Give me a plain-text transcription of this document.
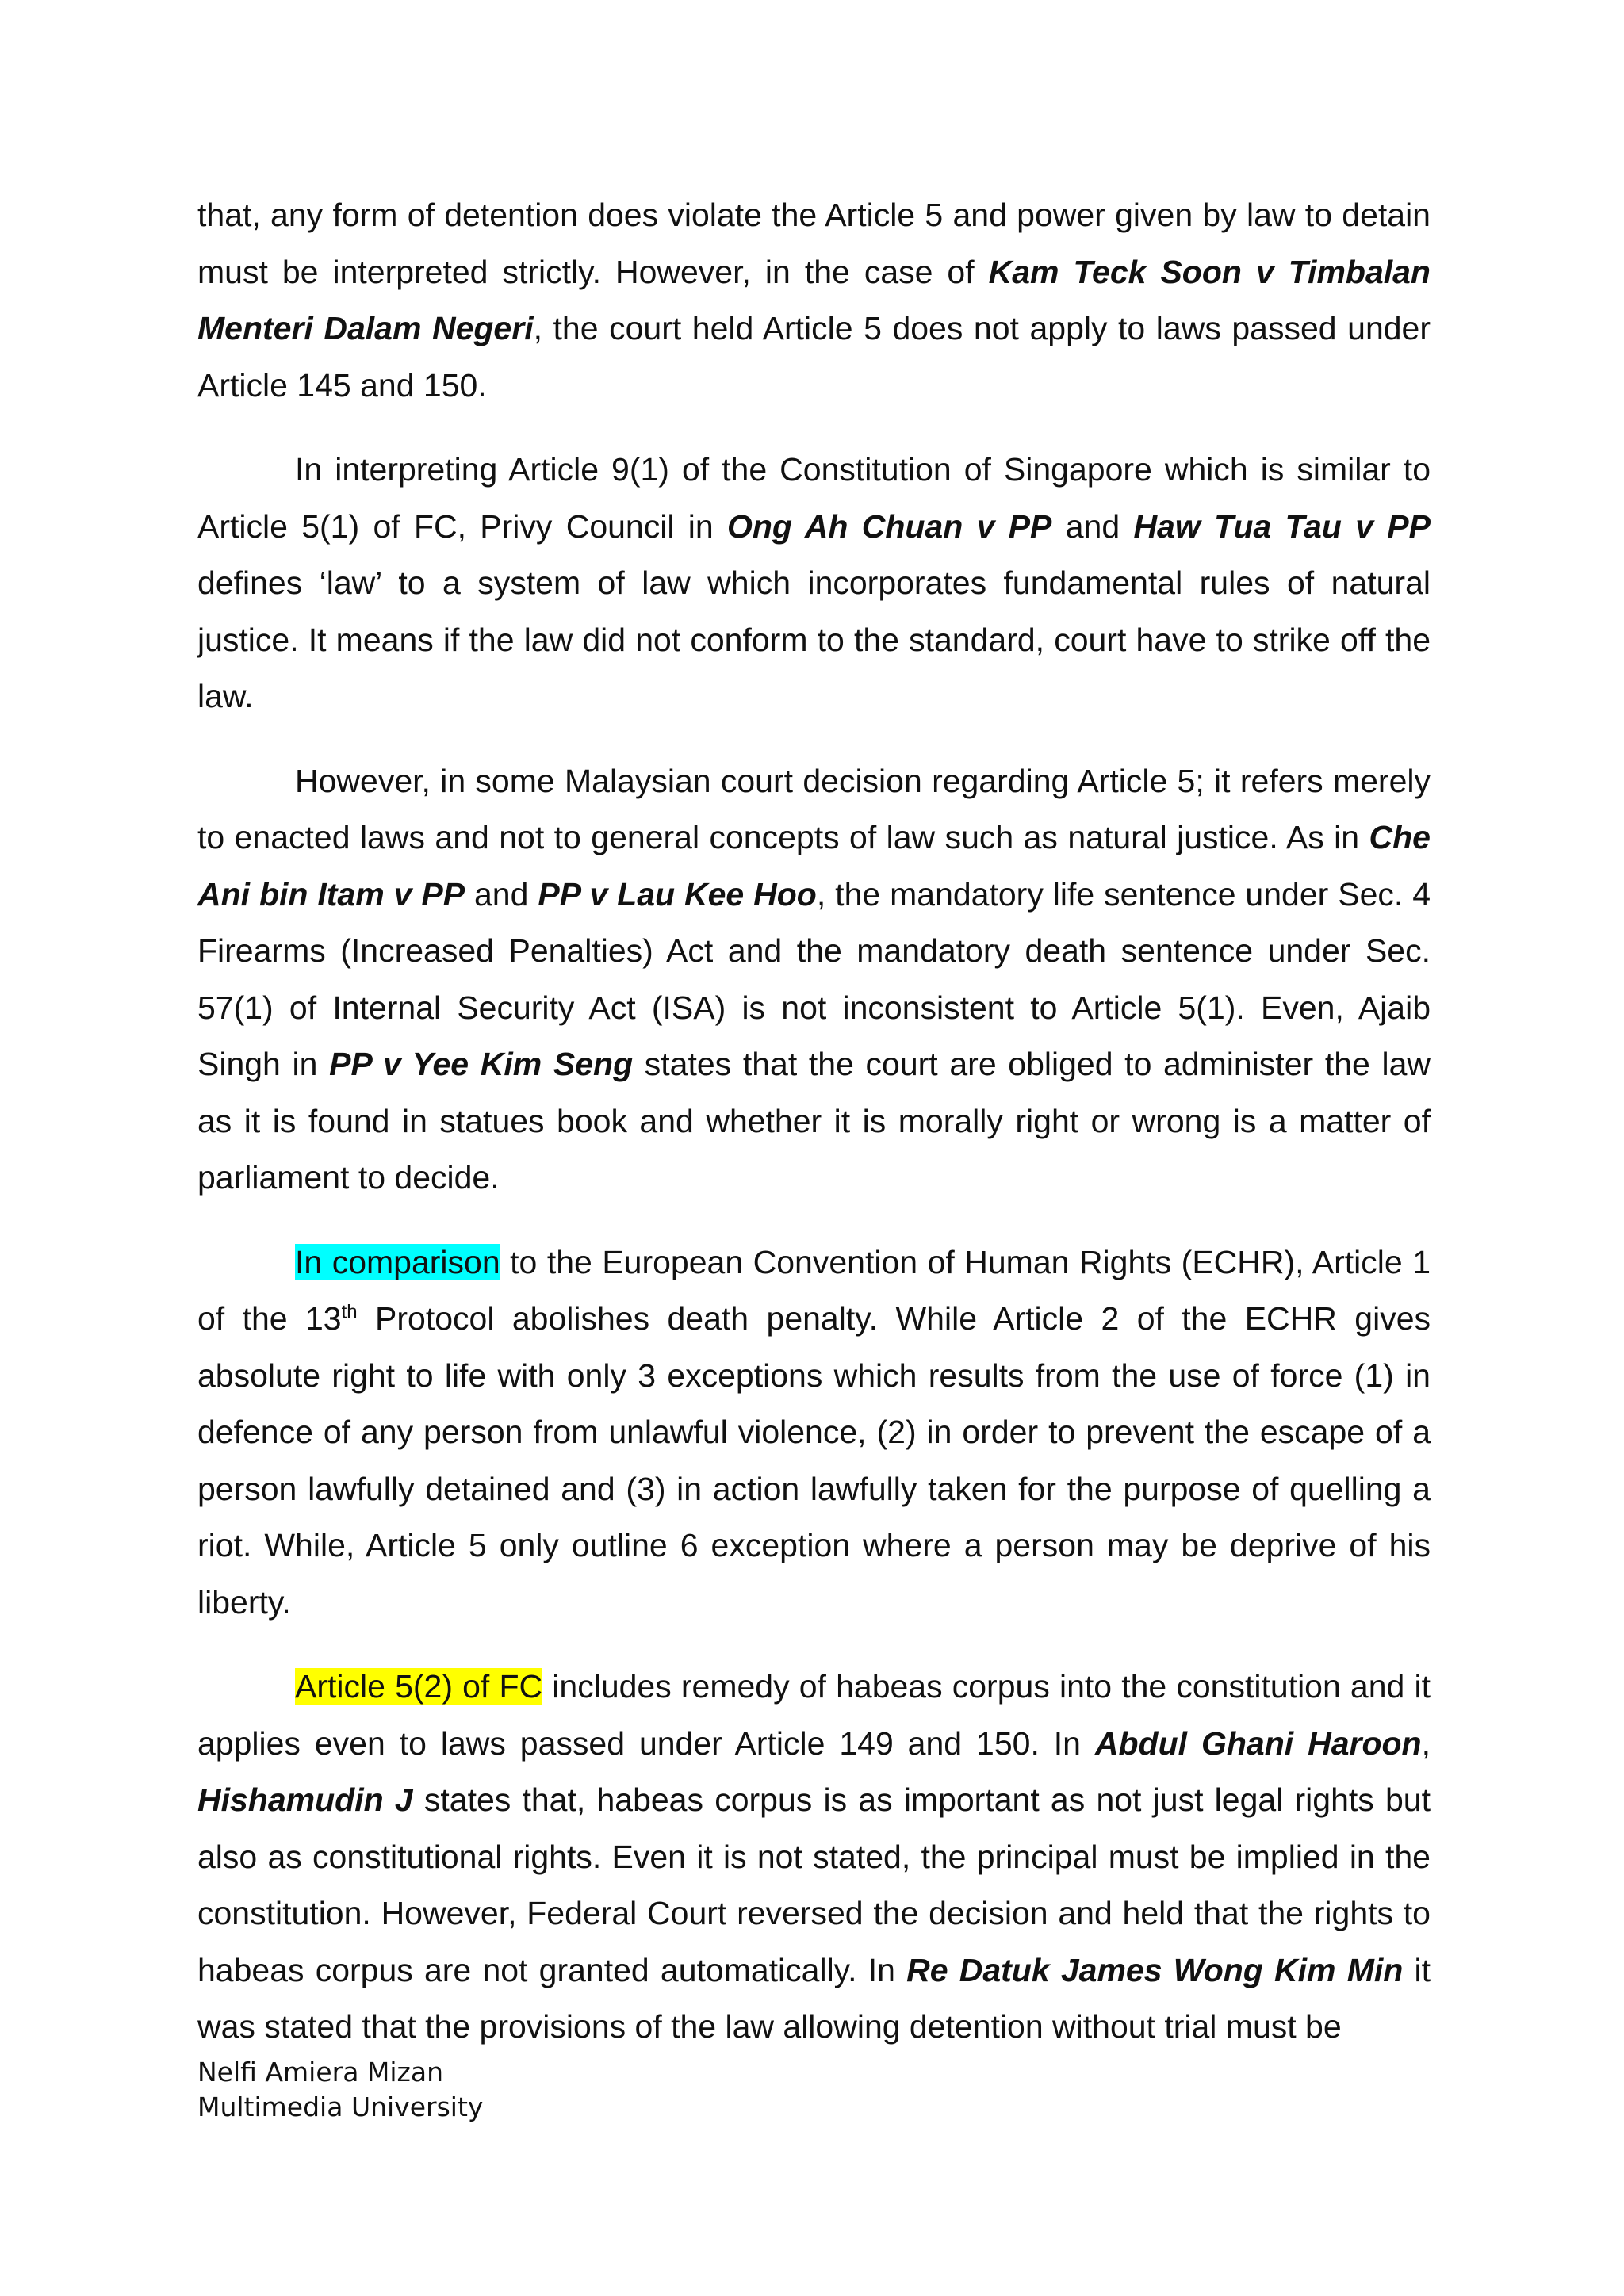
that, any form of detention does violate the Article 5 and power given by law to detain must be interpreted strictly. However, in the case of Kam Teck Soon v Timbalan Menteri Dalam Negeri, the court held Article 5 does not apply to laws passed under Article 145 and 150.

In interpreting Article 9(1) of the Constitution of Singapore which is similar to Article 5(1) of FC, Privy Council in Ong Ah Chuan v PP and Haw Tua Tau v PP defines ‘law’ to a system of law which incorporates fundamental rules of natural justice. It means if the law did not conform to the standard, court have to strike off the law.

However, in some Malaysian court decision regarding Article 5; it refers merely to enacted laws and not to general concepts of law such as natural justice. As in Che Ani bin Itam v PP and PP v Lau Kee Hoo, the mandatory life sentence under Sec. 4 Firearms (Increased Penalties) Act and the mandatory death sentence under Sec. 57(1) of Internal Security Act (ISA) is not inconsistent to Article 5(1). Even, Ajaib Singh in PP v Yee Kim Seng states that the court are obliged to administer the law as it is found in statues book and whether it is morally right or wrong is a matter of parliament to decide.

In comparison to the European Convention of Human Rights (ECHR), Article 1 of the 13th Protocol abolishes death penalty. While Article 2 of the ECHR gives absolute right to life with only 3 exceptions which results from the use of force (1) in defence of any person from unlawful violence, (2) in order to prevent the escape of a person lawfully detained and (3) in action lawfully taken for the purpose of quelling a riot. While, Article 5 only outline 6 exception where a person may be deprive of his liberty.

Article 5(2) of FC includes remedy of habeas corpus into the constitution and it applies even to laws passed under Article 149 and 150. In Abdul Ghani Haroon, Hishamudin J states that, habeas corpus is as important as not just legal rights but also as constitutional rights. Even it is not stated, the principal must be implied in the constitution. However, Federal Court reversed the decision and held that the rights to habeas corpus are not granted automatically. In Re Datuk James Wong Kim Min it was stated that the provisions of the law allowing detention without trial must be

Nelfi Amiera Mizan
Multimedia University
